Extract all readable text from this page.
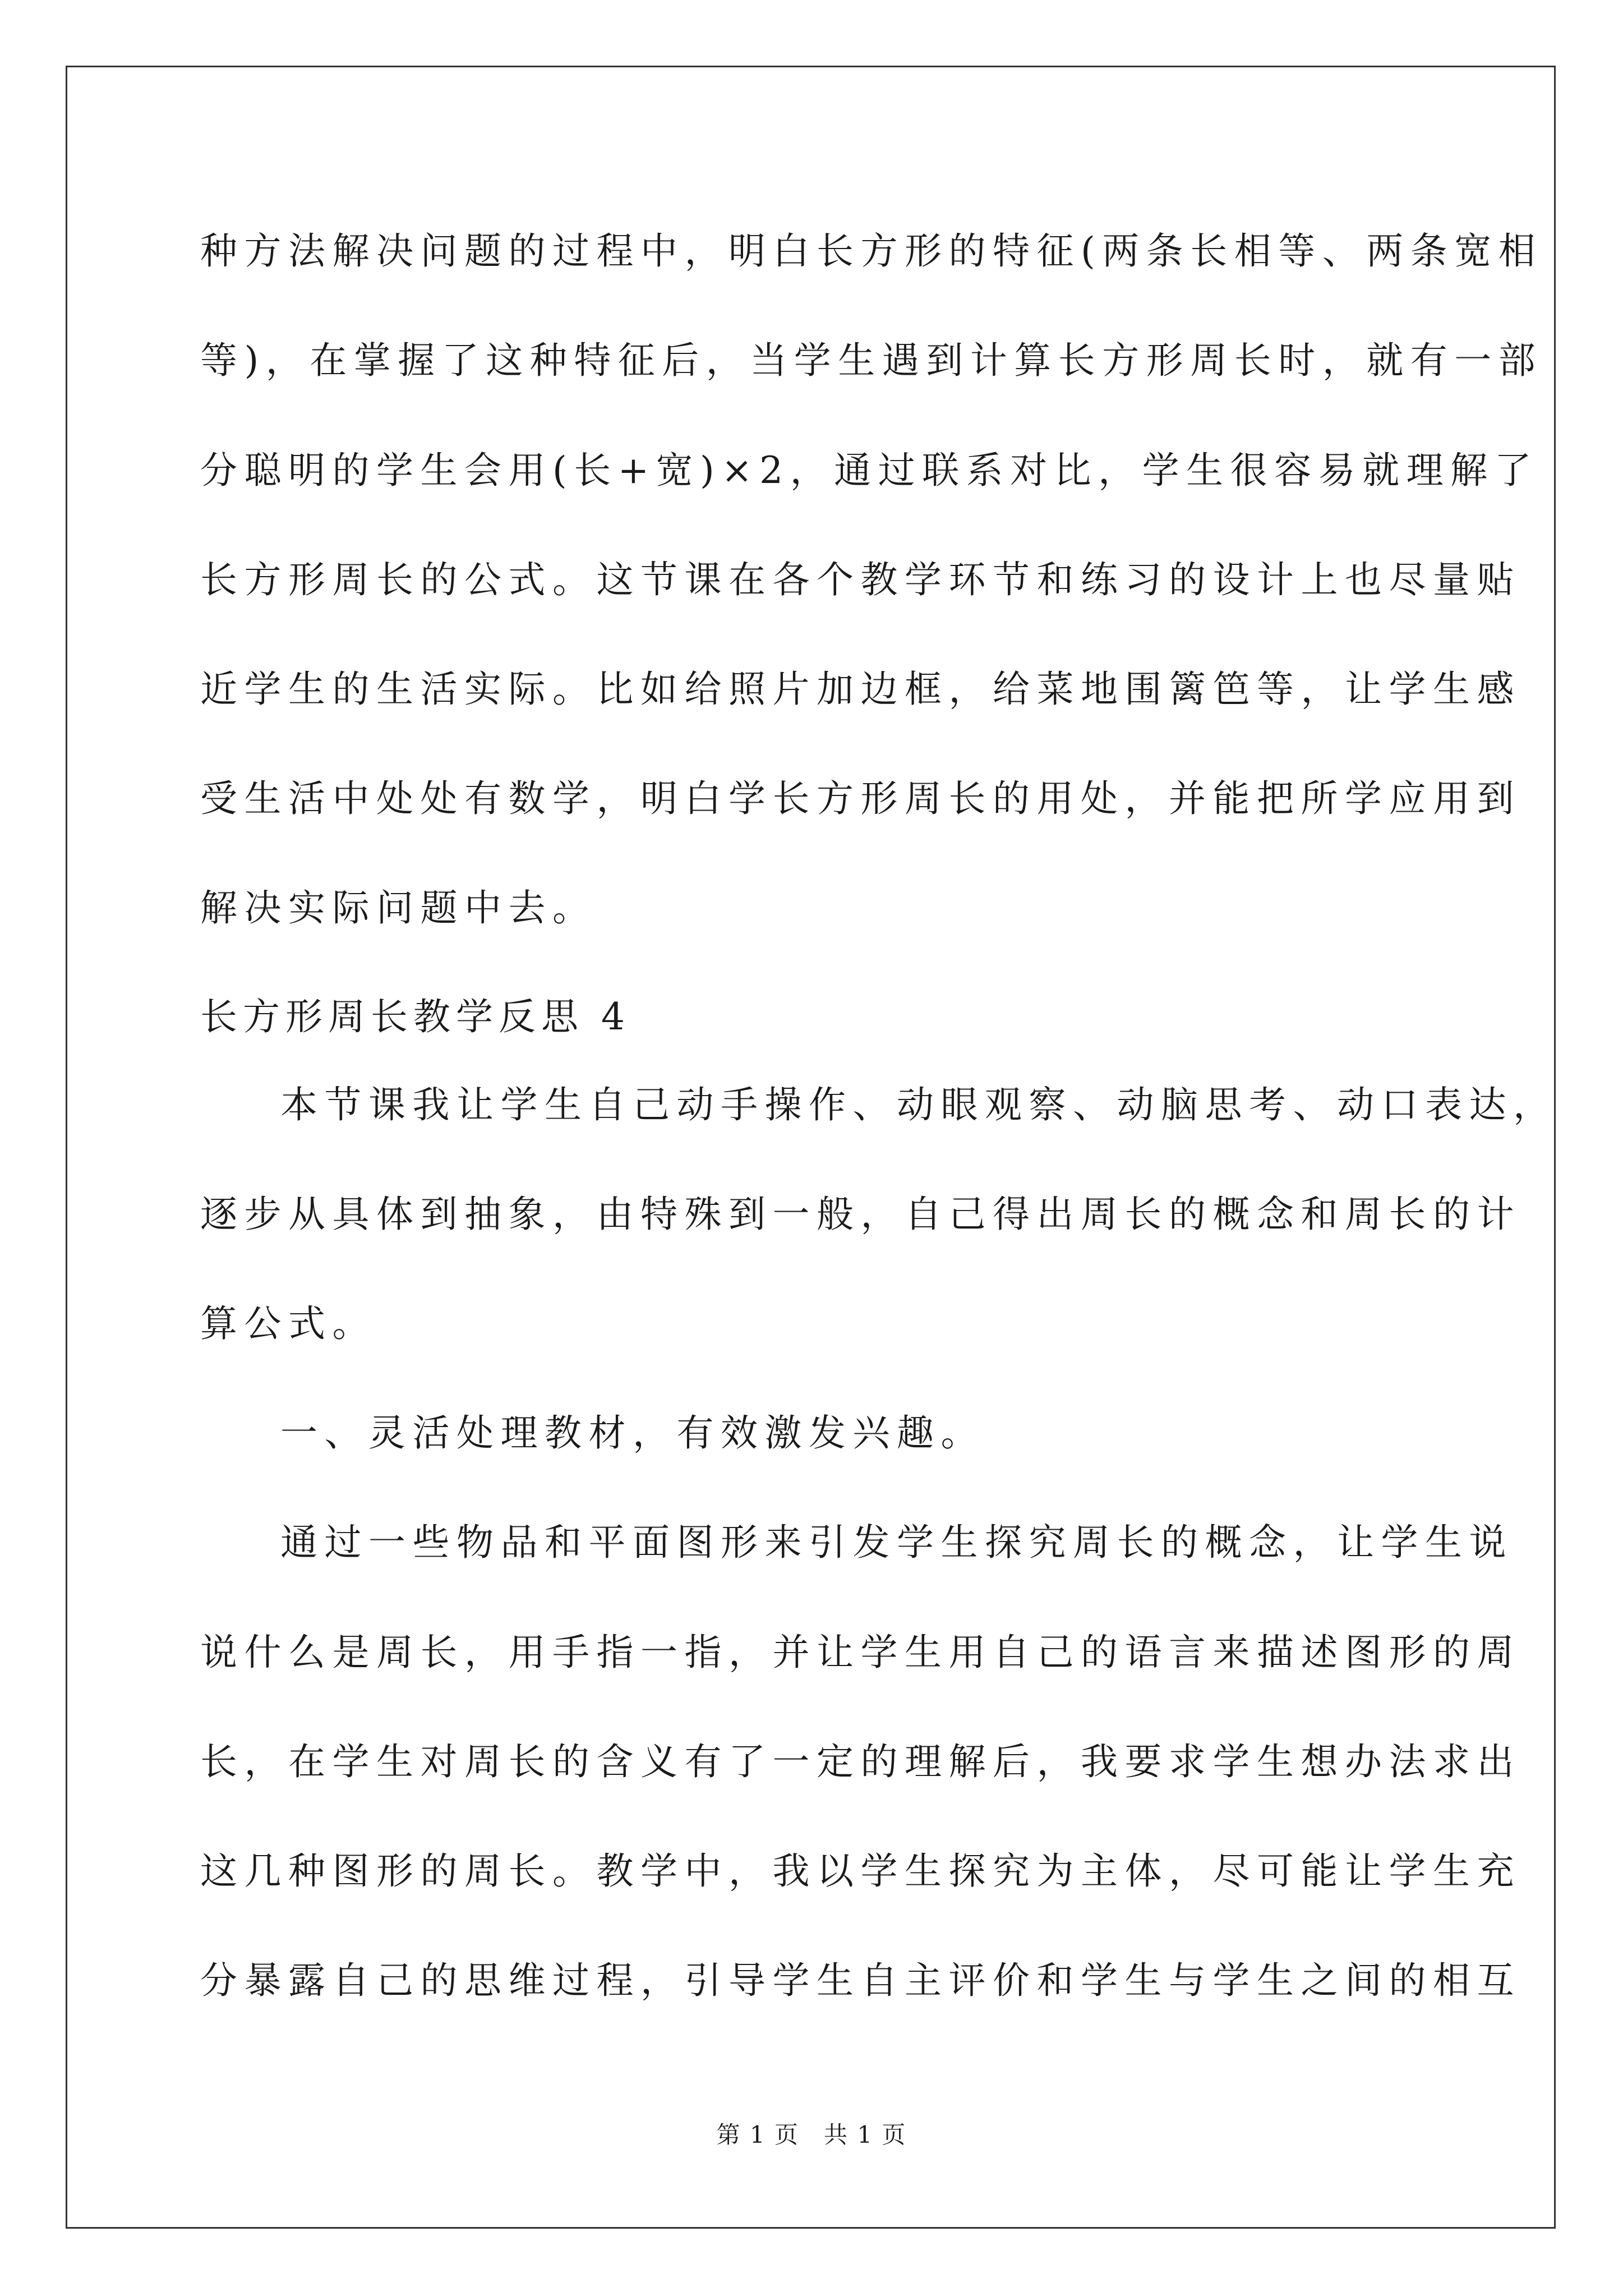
种方法解决问题的过程中，明白长方形的特征(两条长相等、两条宽相
等)，在掌握了这种特征后，当学生遇到计算长方形周长时，就有一部
分聪明的学生会用(长+宽)×2，通过联系对比，学生很容易就理解了
长方形周长的公式。这节课在各个教学环节和练习的设计上也尽量贴
近学生的生活实际。比如给照片加边框，给菜地围篱笆等，让学生感
受生活中处处有数学，明白学长方形周长的用处，并能把所学应用到
解决实际问题中去。
长方形周长教学反思 4
本节课我让学生自己动手操作、动眼观察、动脑思考、动口表达，
逐步从具体到抽象，由特殊到一般，自己得出周长的概念和周长的计
算公式。
一、灵活处理教材，有效激发兴趣。
通过一些物品和平面图形来引发学生探究周长的概念，让学生说
说什么是周长，用手指一指，并让学生用自己的语言来描述图形的周
长，在学生对周长的含义有了一定的理解后，我要求学生想办法求出
这几种图形的周长。教学中，我以学生探究为主体，尽可能让学生充
分暴露自己的思维过程，引导学生自主评价和学生与学生之间的相互
第 1 页　共 1 页
